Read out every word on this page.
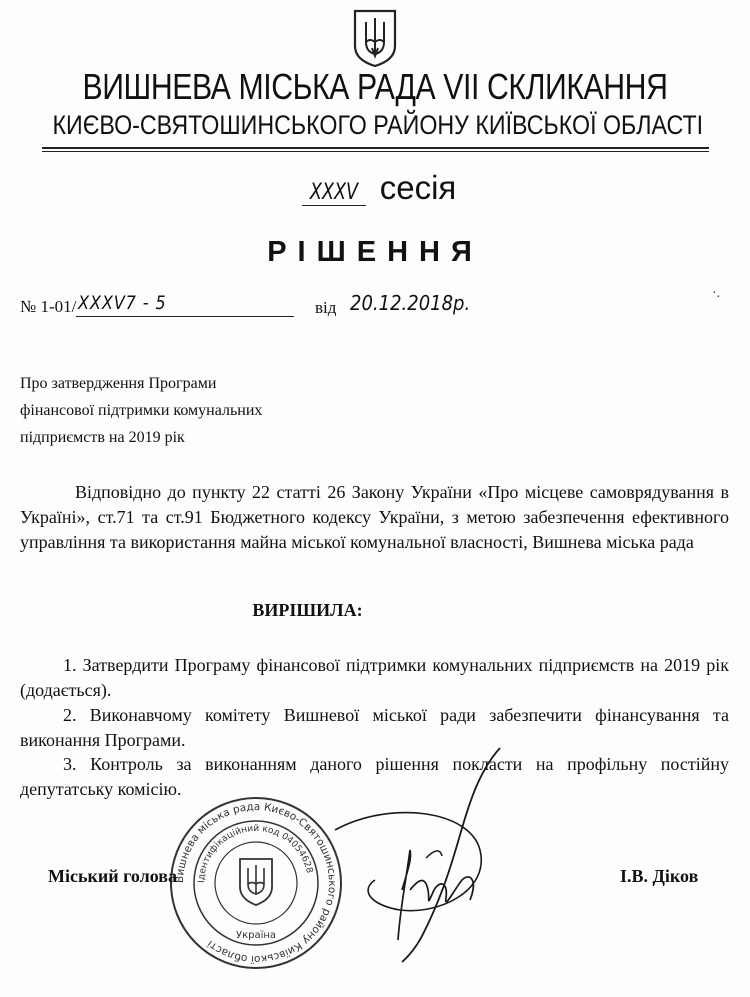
ВИШНЕВА МІСЬКА РАДА VII СКЛИКАННЯ
КИЄВО-СВЯТОШИНСЬКОГО РАЙОНУ КИЇВСЬКОЇ ОБЛАСТІ
XXXV сесія
РІШЕННЯ
№ 1-01/ XXXV7 - 5	від 20.12.2018р.	·.
Про затвердження Програми
фінансової підтримки комунальних
підприємств на 2019 рік

Відповідно до пункту 22 статті 26 Закону України «Про місцеве самоврядування в Україні», ст.71 та ст.91 Бюджетного кодексу України, з метою забезпечення ефективного управління та використання майна міської комунальної власності, Вишнева міська рада

ВИРІШИЛА:

1. Затвердити Програму фінансової підтримки комунальних підприємств на 2019 рік (додається).

2. Виконавчому комітету Вишневої міської ради забезпечити фінансування та виконання Програми.

3. Контроль за виконанням даного рішення покласти на профільну постійну депутатську комісію.

Вишнева міська рада Києво-Святошинського району Київської області
Ідентифікаційний код 04054628
Україна
Міський голова	І.В. Діков
